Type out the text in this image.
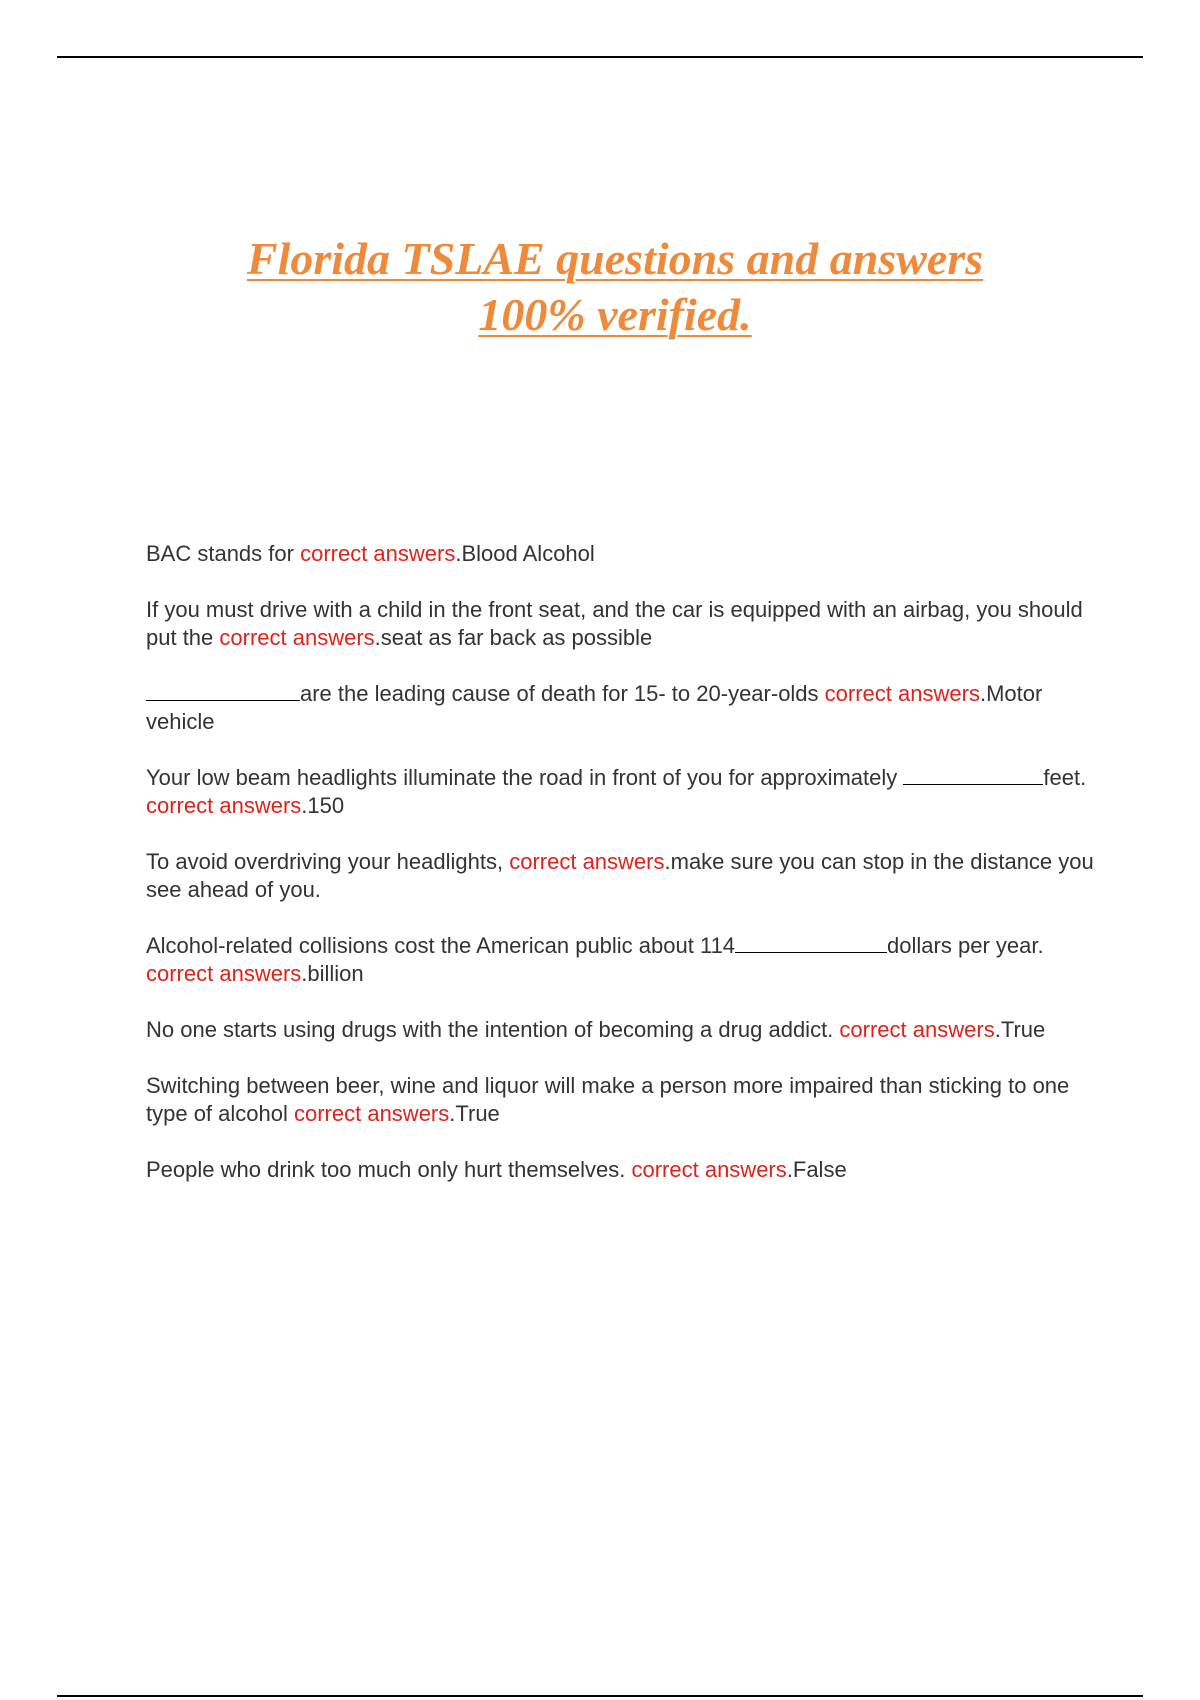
Florida TSLAE questions and answers
100% verified.

BAC stands for correct answers.Blood Alcohol

If you must drive with a child in the front seat, and the car is equipped with an airbag, you should put the correct answers.seat as far back as possible

are the leading cause of death for 15- to 20-year-olds correct answers.Motor vehicle

Your low beam headlights illuminate the road in front of you for approximately	feet. correct answers.150

To avoid overdriving your headlights, correct answers.make sure you can stop in the distance you see ahead of you.

Alcohol-related collisions cost the American public about 114	dollars per year. correct answers.billion

No one starts using drugs with the intention of becoming a drug addict. correct answers.True

Switching between beer, wine and liquor will make a person more impaired than sticking to one type of alcohol correct answers.True

People who drink too much only hurt themselves. correct answers.False
